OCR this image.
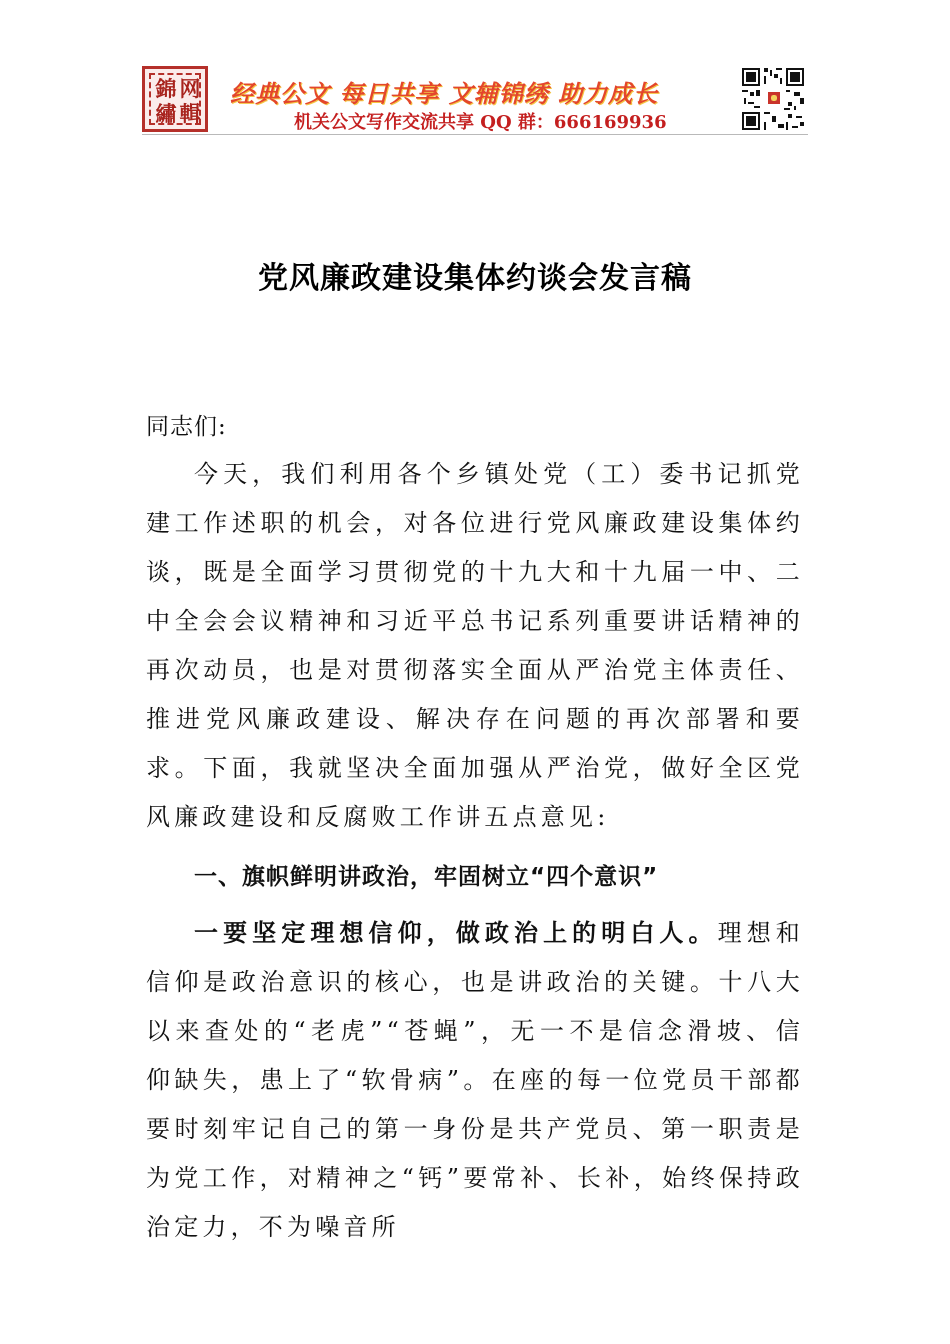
錦 网
繡 輯
经典公文 每日共享 文辅锦绣 助力成长
机关公文写作交流共享 QQ 群：666169936
党风廉政建设集体约谈会发言稿
同志们:

今天，我们利用各个乡镇处党（工）委书记抓党建工作述职的机会，对各位进行党风廉政建设集体约谈，既是全面学习贯彻党的十九大和十九届一中、二中全会会议精神和习近平总书记系列重要讲话精神的再次动员，也是对贯彻落实全面从严治党主体责任、推进党风廉政建设、解决存在问题的再次部署和要求。下面，我就坚决全面加强从严治党，做好全区党风廉政建设和反腐败工作讲五点意见:

一、旗帜鲜明讲政治，牢固树立“四个意识”

一要坚定理想信仰，做政治上的明白人。理想和信仰是政治意识的核心，也是讲政治的关键。十八大以来查处的“老虎”“苍蝇”，无一不是信念滑坡、信仰缺失，患上了“软骨病”。在座的每一位党员干部都要时刻牢记自己的第一身份是共产党员、第一职责是为党工作，对精神之“钙”要常补、长补，始终保持政治定力，不为噪音所
